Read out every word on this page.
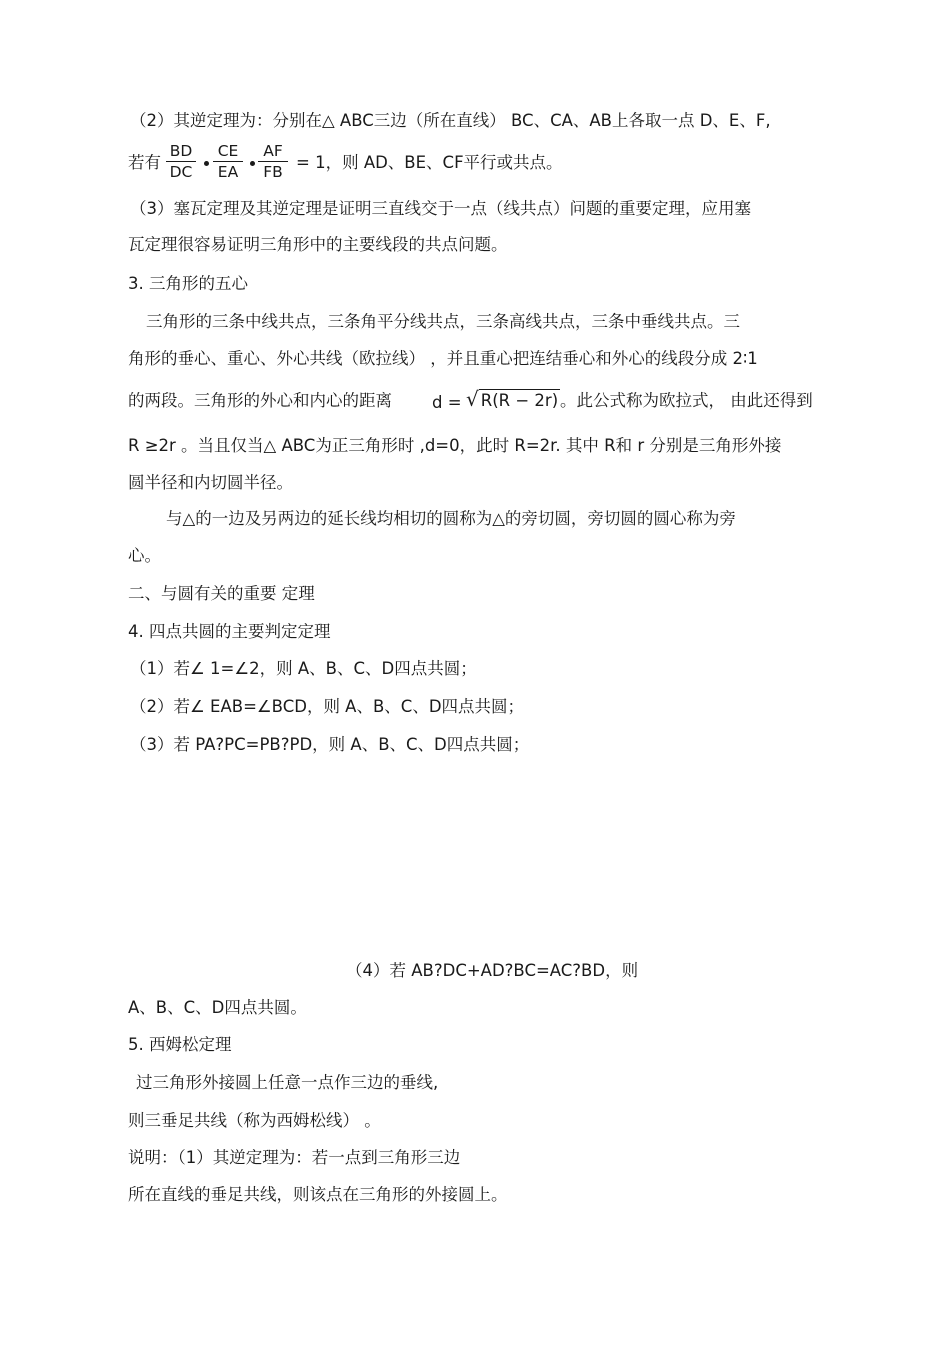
（2）其逆定理为：分别在△ ABC三边（所在直线） BC、CA、AB上各取一点 D、E、F,
若有
BD
DC
CE
EA
AF
FB = 1，则 AD、BE、CF平行或共点。
（3）塞瓦定理及其逆定理是证明三直线交于一点（线共点）问题的重要定理，应用塞
瓦定理很容易证明三角形中的主要线段的共点问题。
3. 三角形的五心
三角形的三条中线共点，三条角平分线共点，三条高线共点，三条中垂线共点。三
角形的垂心、重心、外心共线（欧拉线） ，并且重心把连结垂心和外心的线段分成 2∶1
的两段。三角形的外心和内心的距离 d = √ R(R − 2r) 。此公式称为欧拉式， 由此还得到
R ≥2r 。当且仅当△ ABC为正三角形时 ,d=0，此时 R=2r. 其中 R和 r 分别是三角形外接
圆半径和内切圆半径。
与△的一边及另两边的延长线均相切的圆称为△的旁切圆，旁切圆的圆心称为旁
心。
二、与圆有关的重要 定理
4. 四点共圆的主要判定定理
（1）若∠ 1=∠2，则 A、B、C、D四点共圆；
（2）若∠ EAB=∠BCD，则 A、B、C、D四点共圆；
（3）若 PA?PC=PB?PD，则 A、B、C、D四点共圆；
A
B
C
D
1
2	C
B
D	A
E
P
B
D
A
D
C
B
（4）若 AB?DC+AD?BC=AC?BD，则
A、B、C、D四点共圆。
5. 西姆松定理
过三角形外接圆上任意一点作三边的垂线,
则三垂足共线（称为西姆松线） 。
说明：（1）其逆定理为：若一点到三角形三边
所在直线的垂足共线，则该点在三角形的外接圆上。
